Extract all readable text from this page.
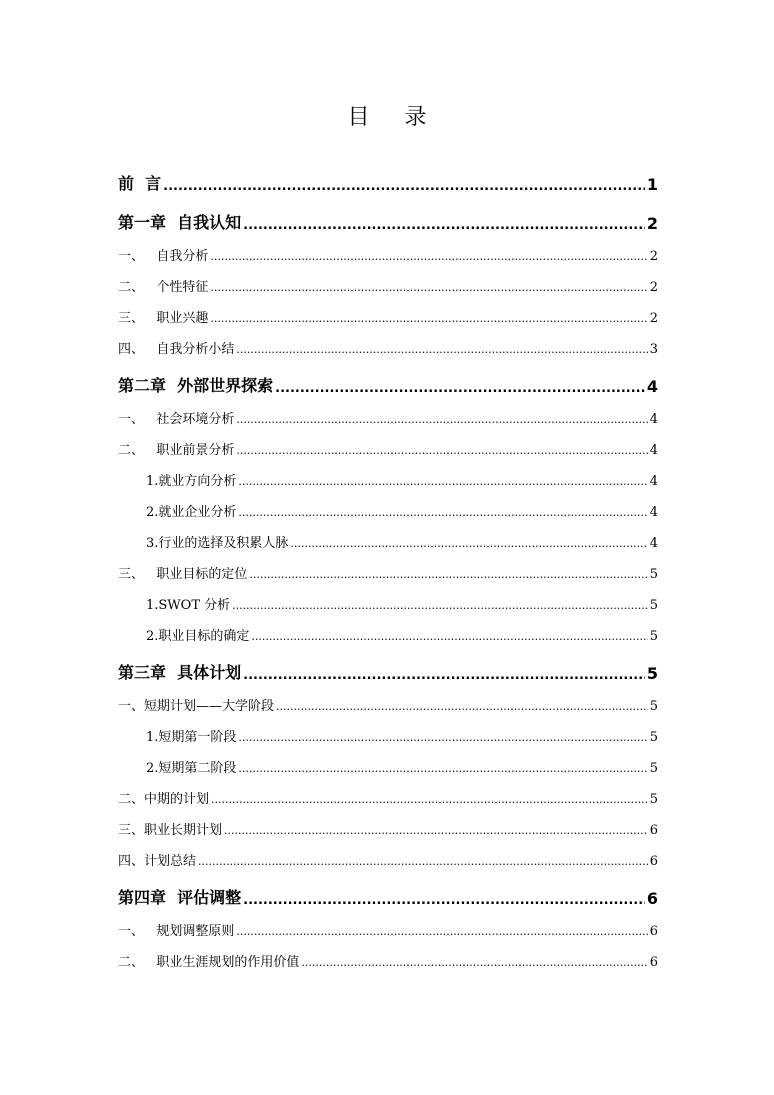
目 录
前  言 .....	1
第一章  自我认知 .....	2
一、   自我分析 .....	2
二、   个性特征 .....	2
三、   职业兴趣 .....	2
四、   自我分析小结 .....	3
第二章  外部世界探索 .....	4
一、   社会环境分析 .....	4
二、   职业前景分析 .....	4
1.就业方向分析 .....	4
2.就业企业分析 .....	4
3.行业的选择及积累人脉 .....	4
三、   职业目标的定位 .....	5
1.SWOT 分析 .....	5
2.职业目标的确定 .....	5
第三章  具体计划 .....	5
一、短期计划——大学阶段 .....	5
1.短期第一阶段 .....	5
2.短期第二阶段 .....	5
二、中期的计划 .....	5
三、职业长期计划 .....	6
四、计划总结 .....	6
第四章  评估调整 .....	6
一、   规划调整原则 .....	6
二、   职业生涯规划的作用价值 .....	6
